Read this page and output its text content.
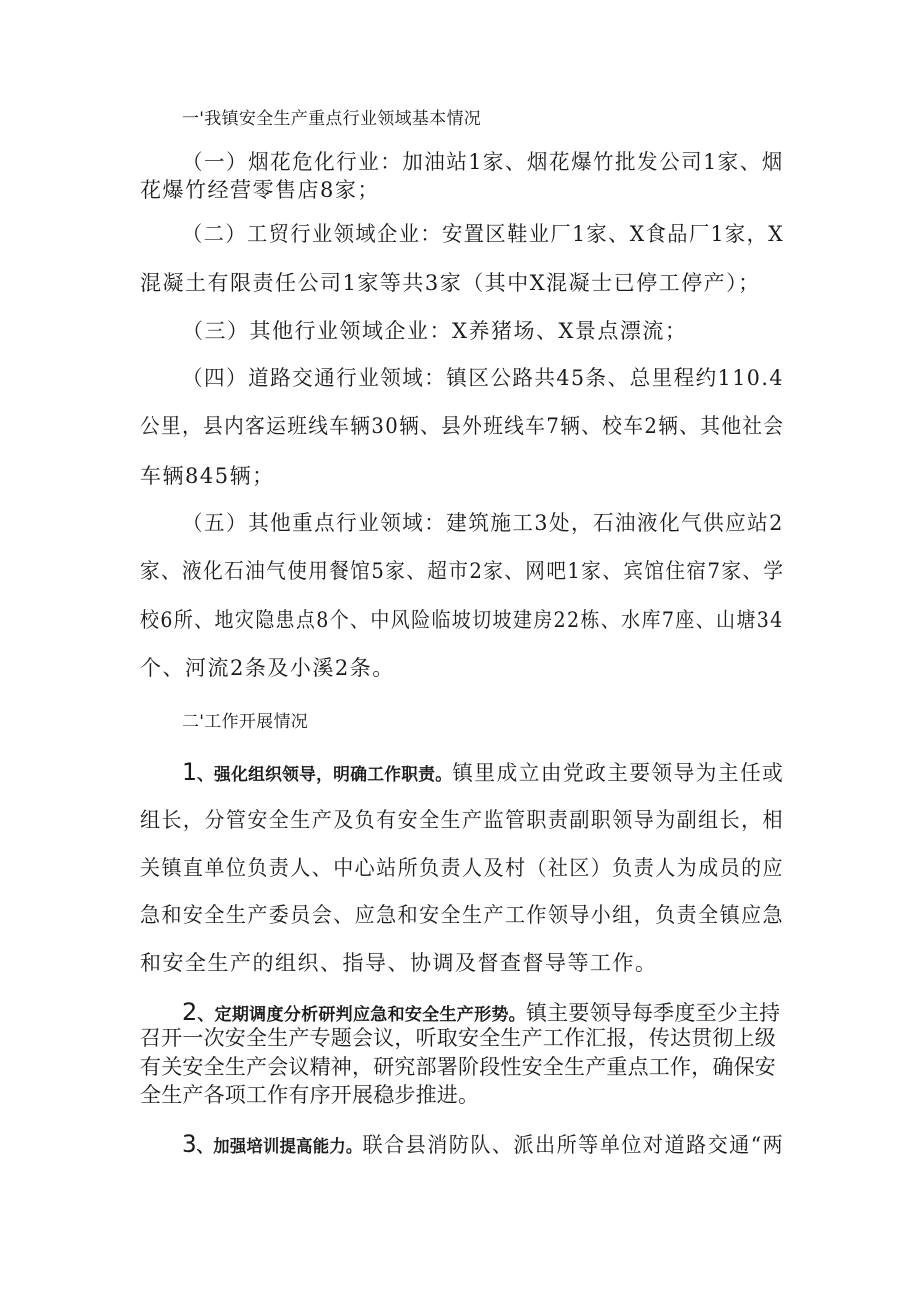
一'我镇安全生产重点行业领域基本情况
（一）烟花危化行业：加油站1家、烟花爆竹批发公司1家、烟
花爆竹经营零售店8家；
（二）工贸行业领域企业：安置区鞋业厂1家、X食品厂1家，X
混凝土有限责任公司1家等共3家（其中X混凝士已停工停产）；
（三）其他行业领域企业：X养猪场、X景点漂流；
（四）道路交通行业领域：镇区公路共45条、总里程约110.4
公里，县内客运班线车辆30辆、县外班线车7辆、校车2辆、其他社会
车辆845辆；
（五）其他重点行业领域：建筑施工3处，石油液化气供应站2
家、液化石油气使用餐馆5家、超市2家、网吧1家、宾馆住宿7家、学
校6所、地灾隐患点8个、中风险临坡切坡建房22栋、水库7座、山塘34
个、河流2条及小溪2条。
二'工作开展情况
1、强化组织领导，明确工作职责。镇里成立由党政主要领导为主任或
组长，分管安全生产及负有安全生产监管职责副职领导为副组长，相
关镇直单位负责人、中心站所负责人及村（社区）负责人为成员的应
急和安全生产委员会、应急和安全生产工作领导小组，负责全镇应急
和安全生产的组织、指导、协调及督查督导等工作。
2、定期调度分析研判应急和安全生产形势。镇主要领导每季度至少主持
召开一次安全生产专题会议，听取安全生产工作汇报，传达贯彻上级
有关安全生产会议精神，研究部署阶段性安全生产重点工作，确保安
全生产各项工作有序开展稳步推进。
3、加强培训提高能力。联合县消防队、派出所等单位对道路交通“两
